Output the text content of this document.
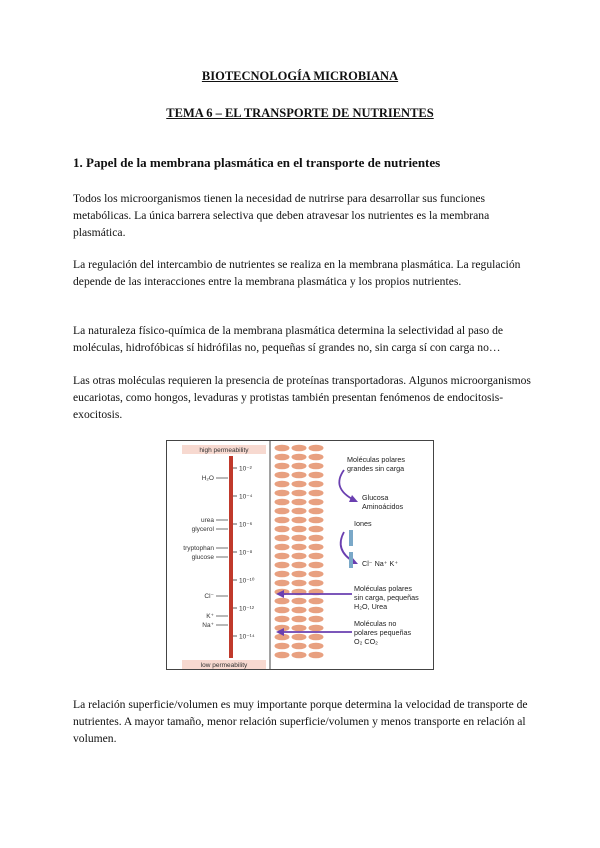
BIOTECNOLOGÍA MICROBIANA
TEMA 6 – EL TRANSPORTE DE NUTRIENTES
1. Papel de la membrana plasmática en el transporte de nutrientes
Todos los microorganismos tienen la necesidad de nutrirse para desarrollar sus funciones metabólicas. La única barrera selectiva que deben atravesar los nutrientes es la membrana plasmática.
La regulación del intercambio de nutrientes se realiza en la membrana plasmática. La regulación depende de las interacciones entre la membrana plasmática y los propios nutrientes.
La naturaleza físico-química de la membrana plasmática determina la selectividad al paso de moléculas, hidrofóbicas sí hidrófilas no, pequeñas sí grandes no, sin carga sí con carga no…
Las otras moléculas requieren la presencia de proteínas transportadoras. Algunos microorganismos eucariotas, como hongos, levaduras y protistas también presentan fenómenos de endocitosis-exocitosis.
La relación superficie/volumen es muy importante porque determina la velocidad de transporte de nutrientes. A mayor tamaño, menor relación superficie/volumen y menos transporte en relación al volumen.
high permeability
low permeability
10⁻²
10⁻⁴
10⁻⁶
10⁻⁸
10⁻¹⁰
10⁻¹²
10⁻¹⁴
H₂O
urea
glycerol
tryptophan
glucose
Cl⁻
K⁺
Na⁺
Moléculas polares
grandes sin carga
Glucosa
Aminoácidos
Iones
Cl⁻ Na⁺ K⁺
Moléculas polares
sin carga, pequeñas
H₂O, Urea
Moléculas no
polares pequeñas
O₂ CO₂
